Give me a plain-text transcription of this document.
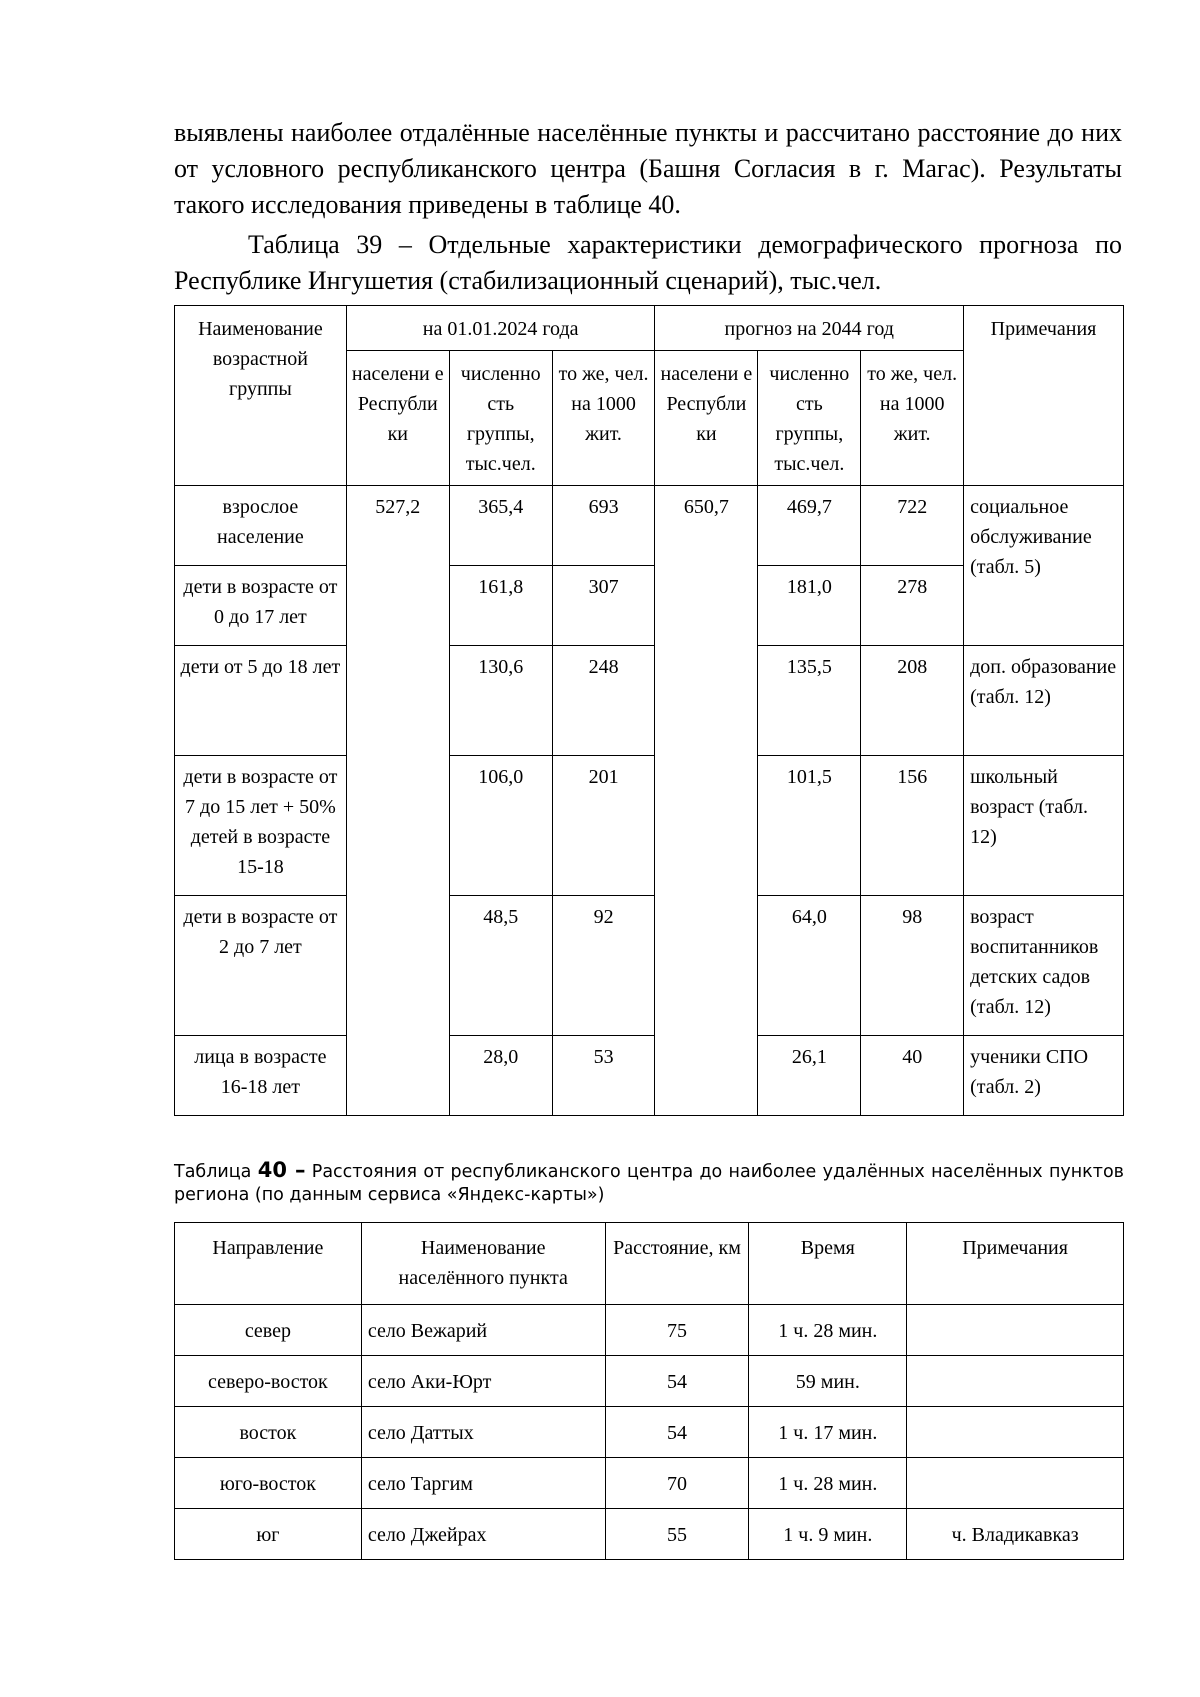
выявлены наиболее отдалённые населённые пункты и рассчитано расстояние до них от условного республиканского центра (Башня Согласия в г. Магас). Результаты такого исследования приведены в таблице 40.

Таблица 39 – Отдельные характеристики демографического прогноза по Республике Ингушетия (стабилизационный сценарий), тыс.чел.

Наименование возрастной группы	на 01.01.2024 года			прогноз на 2044 год			Примечания
	населени е Республи ки	численно сть группы, тыс.чел.	то же, чел. на 1000 жит.	населени е Республи ки	численно сть группы, тыс.чел.	то же, чел. на 1000 жит.	
взрослое население	527,2	365,4	693	650,7	469,7	722	социальное обслуживание (табл. 5)
дети в возрасте от 0 до 17 лет		161,8	307		181,0	278	
дети от 5 до 18 лет		130,6	248		135,5	208	доп. образование (табл. 12)
дети в возрасте от 7 до 15 лет + 50% детей в возрасте 15-18		106,0	201		101,5	156	школьный возраст (табл. 12)
дети в возрасте от 2 до 7 лет		48,5	92		64,0	98	возраст воспитанников детских садов (табл. 12)
лица в возрасте 16-18 лет		28,0	53		26,1	40	ученики СПО (табл. 2)

Таблица 40 – Расстояния от республиканского центра до наиболее удалённых населённых пунктов региона (по данным сервиса «Яндекс-карты»)

Направление	Наименование населённого пункта	Расстояние, км	Время	Примечания
север	село Вежарий	75	1 ч. 28 мин.	
северо-восток	село Аки-Юрт	54	59 мин.	
восток	село Даттых	54	1 ч. 17 мин.	
юго-восток	село Таргим	70	1 ч. 28 мин.	
юг	село Джейрах	55	1 ч. 9 мин.	ч. Владикавказ
